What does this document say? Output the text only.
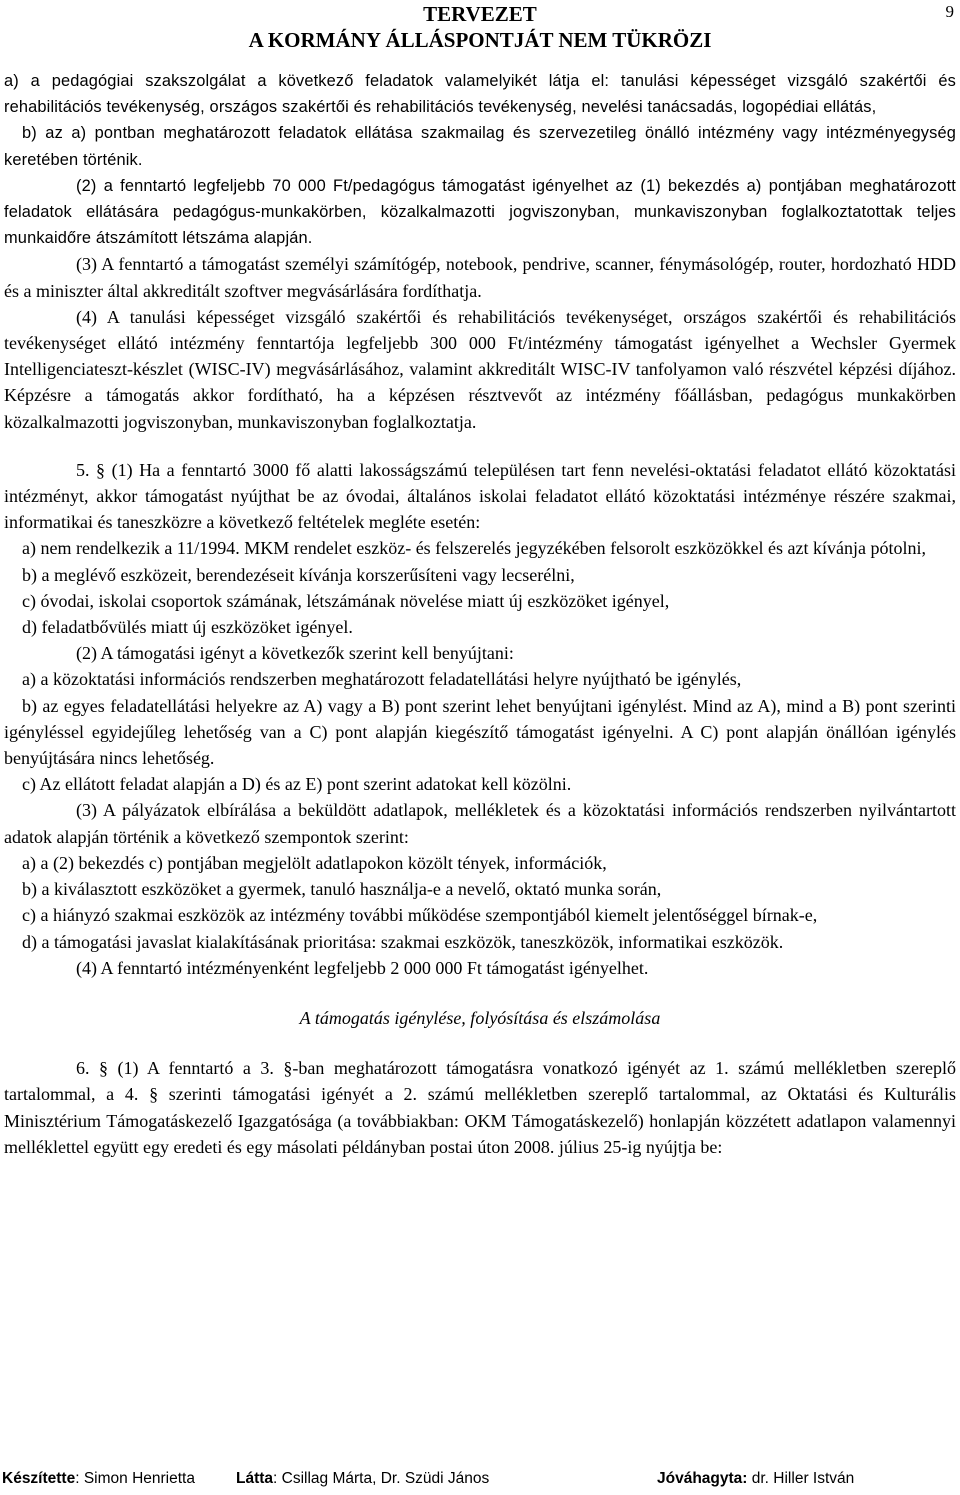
TERVEZET
A KORMÁNY ÁLLÁSPONTJÁT NEM TÜKRÖZI
9

a) a pedagógiai szakszolgálat a következő feladatok valamelyikét látja el: tanulási képességet vizsgáló szakértői és rehabilitációs tevékenység, országos szakértői és rehabilitációs tevékenység, nevelési tanácsadás, logopédiai ellátás,

b) az a) pontban meghatározott feladatok ellátása szakmailag és szervezetileg önálló intézmény vagy intézményegység keretében történik.

(2) a fenntartó legfeljebb 70 000 Ft/pedagógus támogatást igényelhet az (1) bekezdés a) pontjában meghatározott feladatok ellátására pedagógus-munkakörben, közalkalmazotti jogviszonyban, munkaviszonyban foglalkoztatottak teljes munkaidőre átszámított létszáma alapján.

(3) A fenntartó a támogatást személyi számítógép, notebook, pendrive, scanner, fénymásológép, router, hordozható HDD és a miniszter által akkreditált szoftver megvásárlására fordíthatja.

(4) A tanulási képességet vizsgáló szakértői és rehabilitációs tevékenységet, országos szakértői és rehabilitációs tevékenységet ellátó intézmény fenntartója legfeljebb 300 000 Ft/intézmény támogatást igényelhet a Wechsler Gyermek Intelligenciateszt-készlet (WISC-IV) megvásárlásához, valamint akkreditált WISC-IV tanfolyamon való részvétel képzési díjához. Képzésre a támogatás akkor fordítható, ha a képzésen résztvevőt az intézmény főállásban, pedagógus munkakörben közalkalmazotti jogviszonyban, munkaviszonyban foglalkoztatja.

5. § (1) Ha a fenntartó 3000 fő alatti lakosságszámú településen tart fenn nevelési-oktatási feladatot ellátó közoktatási intézményt, akkor támogatást nyújthat be az óvodai, általános iskolai feladatot ellátó közoktatási intézménye részére szakmai, informatikai és taneszközre a következő feltételek megléte esetén:

a) nem rendelkezik a 11/1994. MKM rendelet eszköz- és felszerelés jegyzékében felsorolt eszközökkel és azt kívánja pótolni,

b) a meglévő eszközeit, berendezéseit kívánja korszerűsíteni vagy lecserélni,

c) óvodai, iskolai csoportok számának, létszámának növelése miatt új eszközöket igényel,

d) feladatbővülés miatt új eszközöket igényel.

(2) A támogatási igényt a következők szerint kell benyújtani:

a) a közoktatási információs rendszerben meghatározott feladatellátási helyre nyújtható be igénylés,

b) az egyes feladatellátási helyekre az A) vagy a B) pont szerint lehet benyújtani igénylést. Mind az A), mind a B) pont szerinti igényléssel egyidejűleg lehetőség van a C) pont alapján kiegészítő támogatást igényelni. A C) pont alapján önállóan igénylés benyújtására nincs lehetőség.

c) Az ellátott feladat alapján a D) és az E) pont szerint adatokat kell közölni.

(3) A pályázatok elbírálása a beküldött adatlapok, mellékletek és a közoktatási információs rendszerben nyilvántartott adatok alapján történik a következő szempontok szerint:

a) a (2) bekezdés c) pontjában megjelölt adatlapokon közölt tények, információk,

b) a kiválasztott eszközöket a gyermek, tanuló használja-e a nevelő, oktató munka során,

c) a hiányzó szakmai eszközök az intézmény további működése szempontjából kiemelt jelentőséggel bírnak-e,

d) a támogatási javaslat kialakításának prioritása: szakmai eszközök, taneszközök, informatikai eszközök.

(4) A fenntartó intézményenként legfeljebb 2 000 000 Ft támogatást igényelhet.

A támogatás igénylése, folyósítása és elszámolása

6. § (1) A fenntartó a 3. §-ban meghatározott támogatásra vonatkozó igényét az 1. számú mellékletben szereplő tartalommal, a 4. § szerinti támogatási igényét a 2. számú mellékletben szereplő tartalommal, az Oktatási és Kulturális Minisztérium Támogatáskezelő Igazgatósága (a továbbiakban: OKM Támogatáskezelő) honlapján közzétett adatlapon valamennyi melléklettel együtt egy eredeti és egy másolati példányban postai úton 2008. július 25-ig nyújtja be:

Készítette: Simon Henrietta	Látta: Csillag Márta, Dr. Szüdi János	Jóváhagyta: dr. Hiller István
